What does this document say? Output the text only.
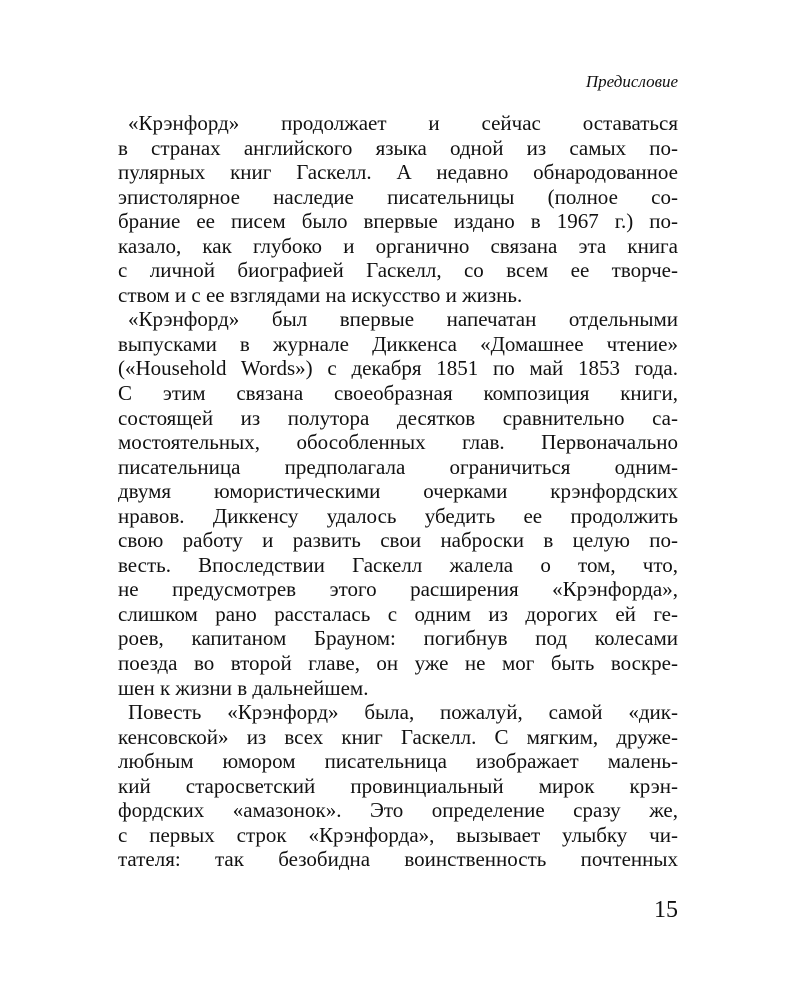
Предисловие
«Крэнфорд» продолжает и сейчас оставаться
в странах английского языка одной из самых по-
пулярных книг Гаскелл. А недавно обнародованное
эпистолярное наследие писательницы (полное со-
брание ее писем было впервые издано в 1967 г.) по-
казало, как глубоко и органично связана эта книга
с личной биографией Гаскелл, со всем ее творче-
ством и с ее взглядами на искусство и жизнь.
«Крэнфорд» был впервые напечатан отдельными
выпусками в журнале Диккенса «Домашнее чтение»
(«Household Words») с декабря 1851 по май 1853 года.
С этим связана своеобразная композиция книги,
состоящей из полутора десятков сравнительно са-
мостоятельных, обособленных глав. Первоначально
писательница предполагала ограничиться одним-
двумя юмористическими очерками крэнфордских
нравов. Диккенсу удалось убедить ее продолжить
свою работу и развить свои наброски в целую по-
весть. Впоследствии Гаскелл жалела о том, что,
не предусмотрев этого расширения «Крэнфорда»,
слишком рано рассталась с одним из дорогих ей ге-
роев, капитаном Брауном: погибнув под колесами
поезда во второй главе, он уже не мог быть воскре-
шен к жизни в дальнейшем.
Повесть «Крэнфорд» была, пожалуй, самой «дик-
кенсовской» из всех книг Гаскелл. С мягким, друже-
любным юмором писательница изображает малень-
кий старосветский провинциальный мирок крэн-
фордских «амазонок». Это определение сразу же,
с первых строк «Крэнфорда», вызывает улыбку чи-
тателя: так безобидна воинственность почтенных
15
